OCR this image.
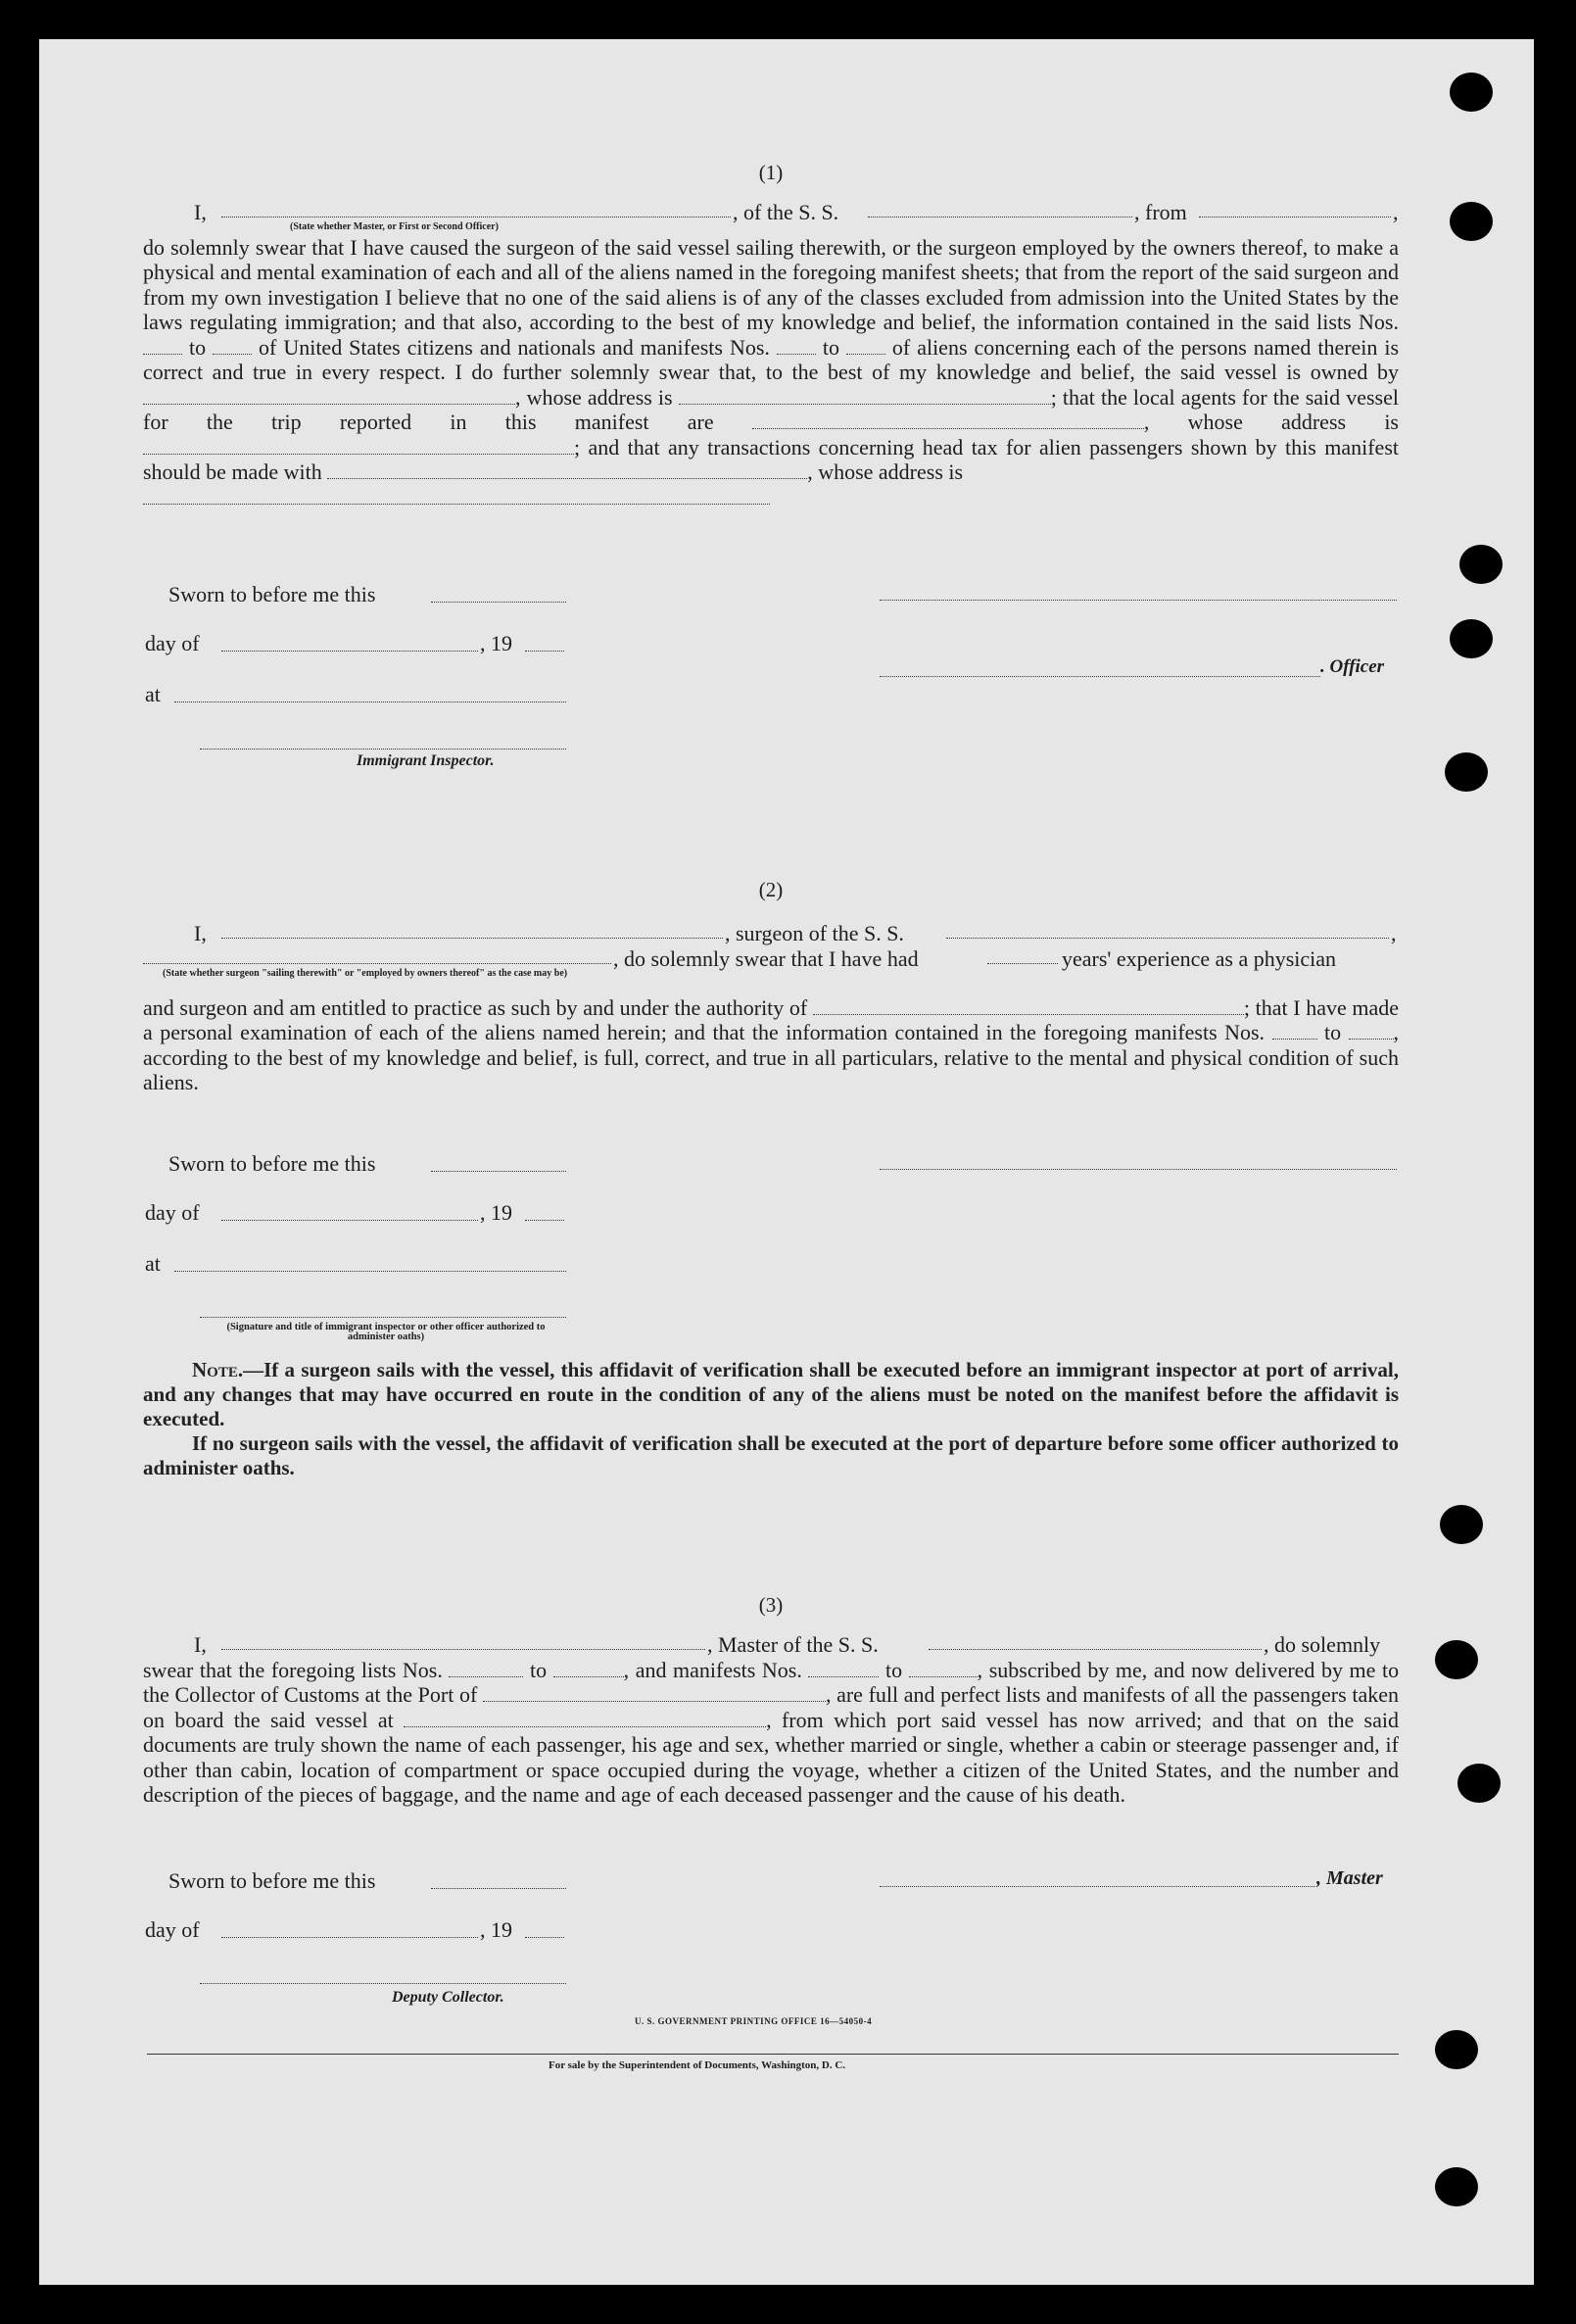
(1)
I,	, of the S. S.	, from	,
(State whether Master, or First or Second Officer)

do solemnly swear that I have caused the surgeon of the said vessel sailing therewith, or the surgeon employed by the owners thereof, to make a physical and mental examination of each and all of the aliens named in the foregoing manifest sheets; that from the report of the said surgeon and from my own investigation I believe that no one of the said aliens is of any of the classes excluded from admission into the United States by the laws regulating immigration; and that also, according to the best of my knowledge and belief, the information contained in the said lists Nos.  to of United States citizens and nationals and manifests Nos. to of aliens concerning each of the persons named therein is correct and true in every respect. I do further solemnly swear that, to the best of my knowledge and belief, the said vessel is owned by , whose address is	; that the local agents for the said vessel for the trip reported in this manifest are	, whose address is ; and that any transactions concerning head tax for alien passengers shown by this manifest should be made with	, whose address is

Sworn to before me this
day of	, 19
. Officer
at
Immigrant Inspector.
(2)
I,	, surgeon of the S. S.	,
, do solemnly swear that I have had	years' experience as a physician
(State whether surgeon "sailing therewith" or "employed by owners thereof" as the case may be)

and surgeon and am entitled to practice as such by and under the authority of	; that I have made a personal examination of each of the aliens named herein; and that the information contained in the foregoing manifests Nos.	to , according to the best of my knowledge and belief, is full, correct, and true in all particulars, relative to the mental and physical condition of such aliens.

Sworn to before me this
day of	, 19
at
(Signature and title of immigrant inspector or other officer authorized to administer oaths)

Note.—If a surgeon sails with the vessel, this affidavit of verification shall be executed before an immigrant inspector at port of arrival, and any changes that may have occurred en route in the condition of any of the aliens must be noted on the manifest before the affidavit is executed.

If no surgeon sails with the vessel, the affidavit of verification shall be executed at the port of departure before some officer authorized to administer oaths.

(3)
I,	, Master of the S. S.	, do solemnly

swear that the foregoing lists Nos.	to	, and manifests Nos.	to	, subscribed by me, and now delivered by me to the Collector of Customs at the Port of	, are full and perfect lists and manifests of all the passengers taken on board the said vessel at	, from which port said vessel has now arrived; and that on the said documents are truly shown the name of each passenger, his age and sex, whether married or single, whether a cabin or steerage passenger and, if other than cabin, location of compartment or space occupied during the voyage, whether a citizen of the United States, and the number and description of the pieces of baggage, and the name and age of each deceased passenger and the cause of his death.

Sworn to before me this	, Master
day of	, 19
Deputy Collector.
U. S. GOVERNMENT PRINTING OFFICE 16—54050-4
For sale by the Superintendent of Documents, Washington, D. C.
